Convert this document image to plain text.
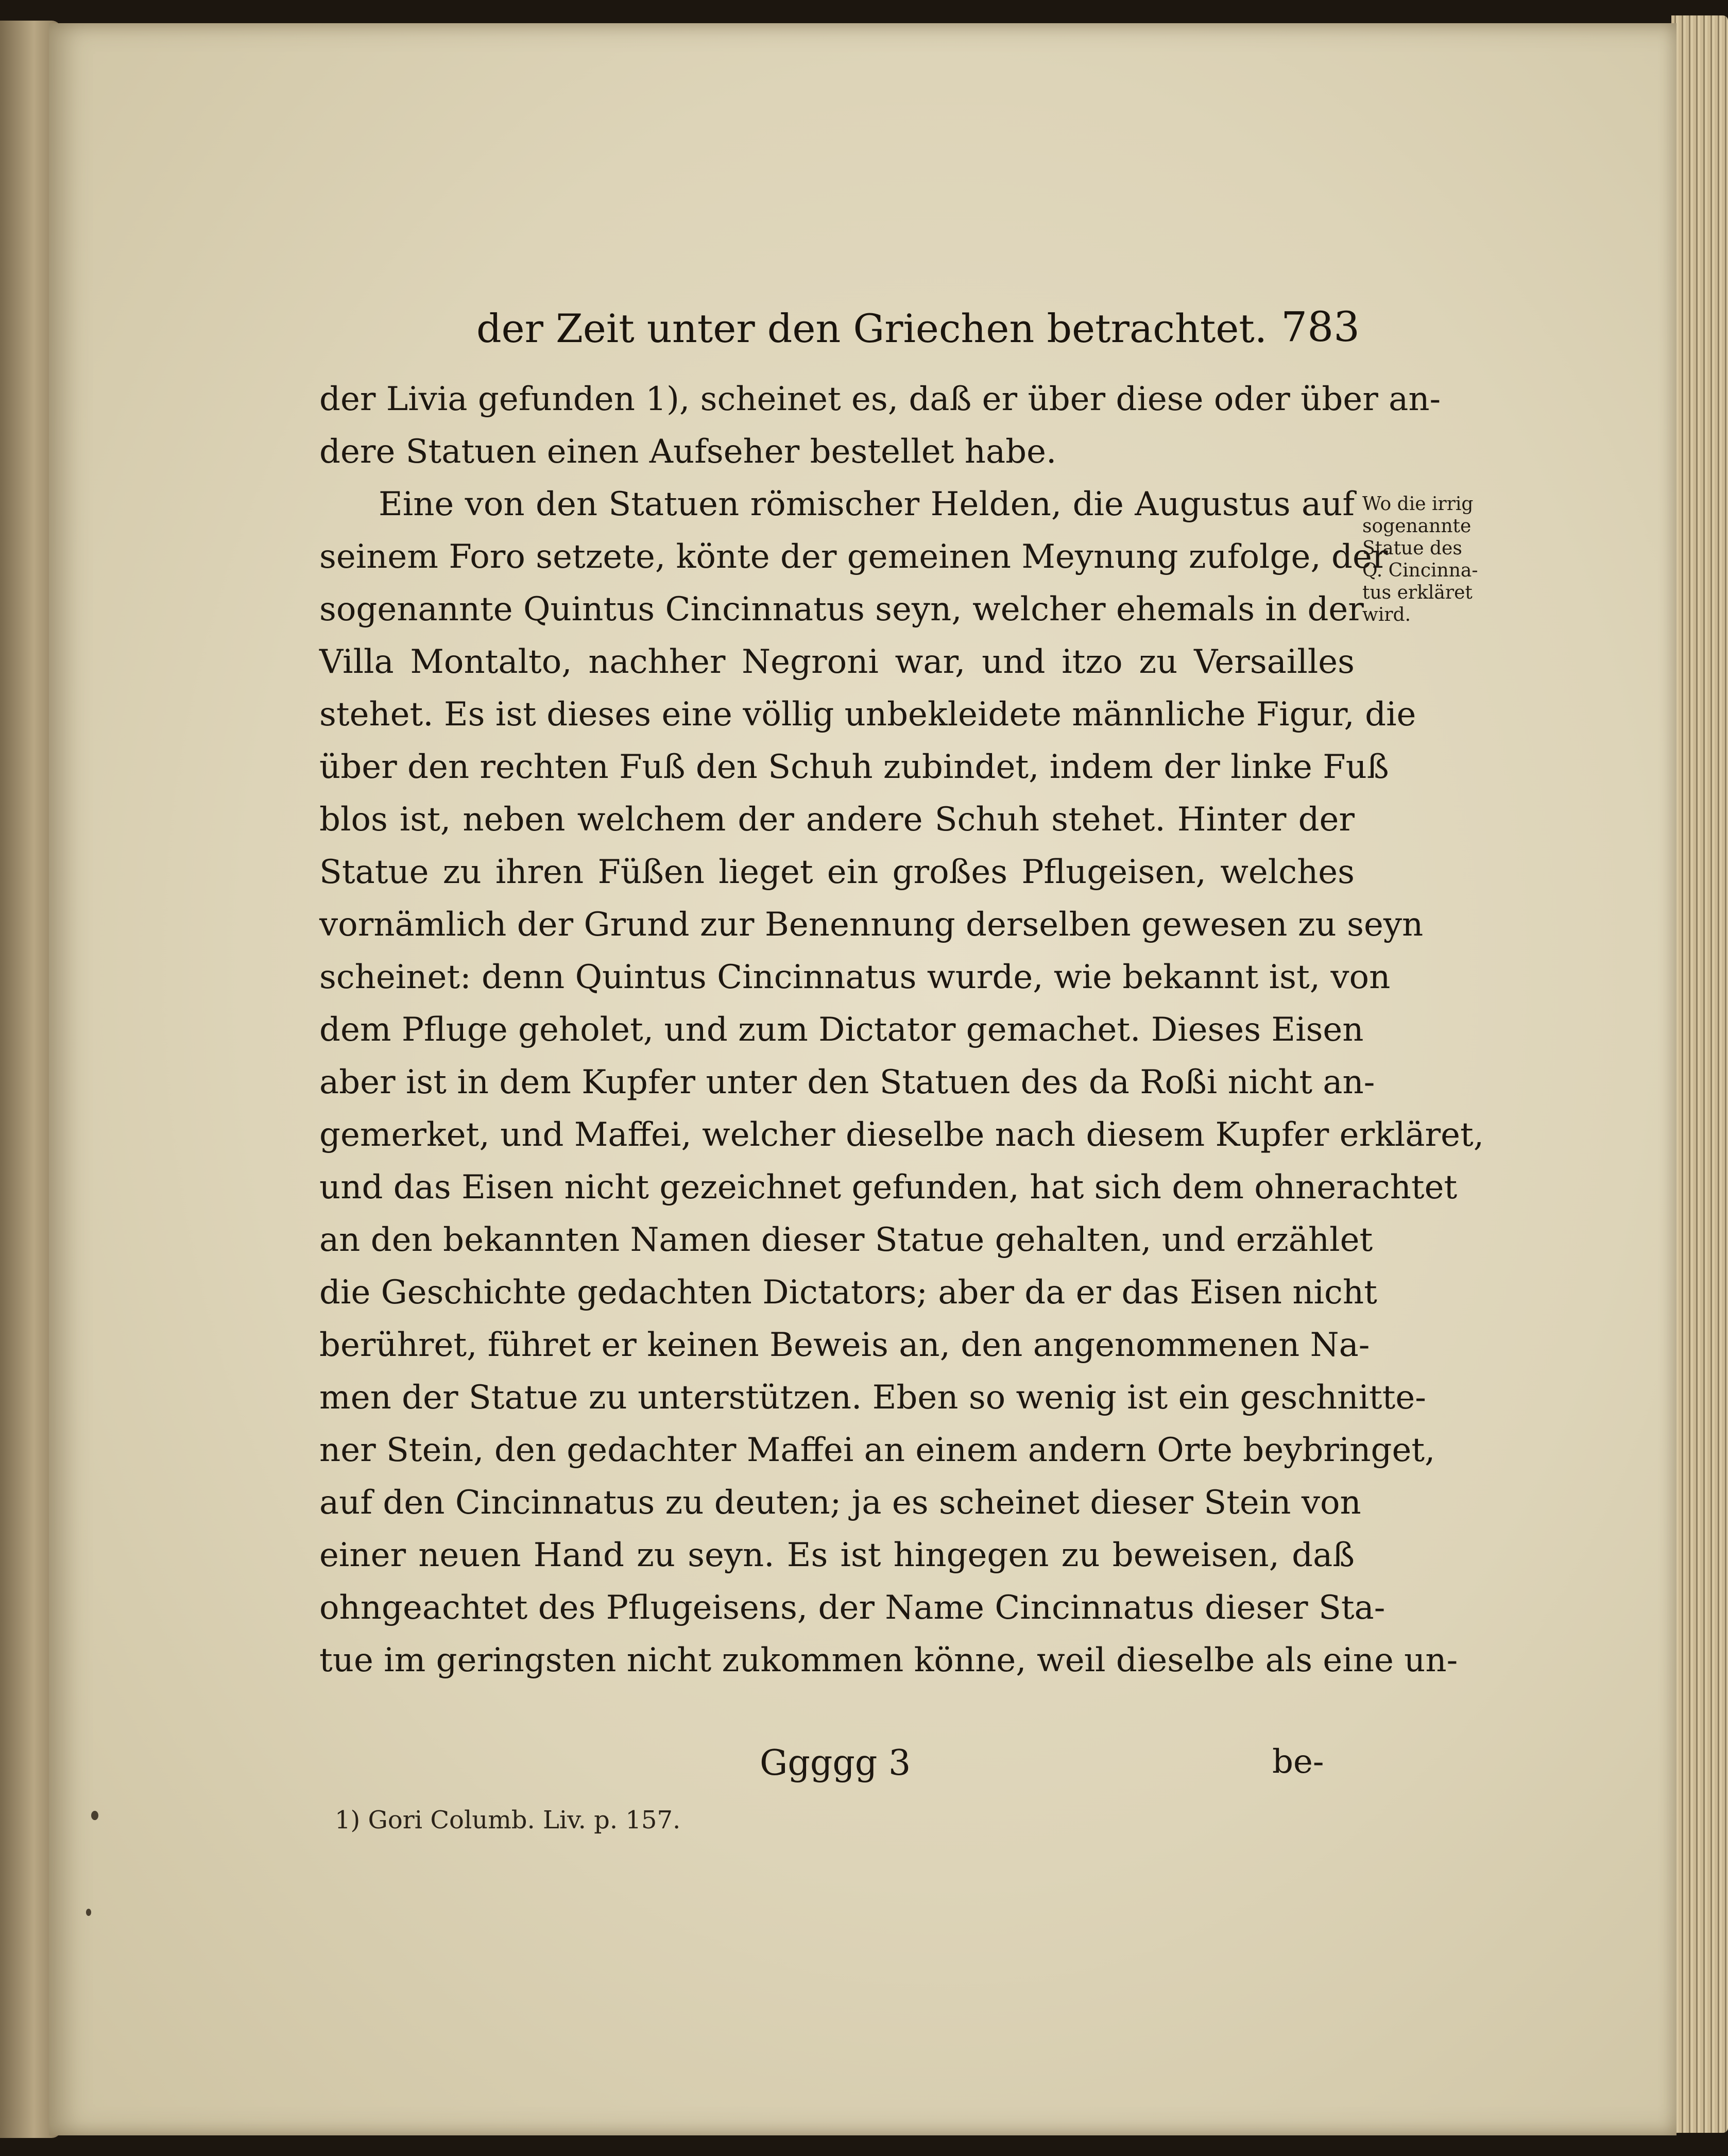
der Zeit unter den Griechen betrachtet. 783
Wo die irrig
sogenannte
Statue des
Q. Cincinna-
tus erkläret
wird.
der Livia gefunden 1), scheinet es, daß er über diese oder über an-
dere Statuen einen Aufseher bestellet habe.
Eine von den Statuen römischer Helden, die Augustus auf
seinem Foro setzete, könte der gemeinen Meynung zufolge, der
sogenannte Quintus Cincinnatus seyn, welcher ehemals in der
Villa Montalto, nachher Negroni war, und itzo zu Versailles
stehet. Es ist dieses eine völlig unbekleidete männliche Figur, die
über den rechten Fuß den Schuh zubindet, indem der linke Fuß
blos ist, neben welchem der andere Schuh stehet. Hinter der
Statue zu ihren Füßen lieget ein großes Pflugeisen, welches
vornämlich der Grund zur Benennung derselben gewesen zu seyn
scheinet: denn Quintus Cincinnatus wurde, wie bekannt ist, von
dem Pfluge geholet, und zum Dictator gemachet. Dieses Eisen
aber ist in dem Kupfer unter den Statuen des da Roßi nicht an-
gemerket, und Maffei, welcher dieselbe nach diesem Kupfer erkläret,
und das Eisen nicht gezeichnet gefunden, hat sich dem ohnerachtet
an den bekannten Namen dieser Statue gehalten, und erzählet
die Geschichte gedachten Dictators; aber da er das Eisen nicht
berühret, führet er keinen Beweis an, den angenommenen Na-
men der Statue zu unterstützen. Eben so wenig ist ein geschnitte-
ner Stein, den gedachter Maffei an einem andern Orte beybringet,
auf den Cincinnatus zu deuten; ja es scheinet dieser Stein von
einer neuen Hand zu seyn. Es ist hingegen zu beweisen, daß
ohngeachtet des Pflugeisens, der Name Cincinnatus dieser Sta-
tue im geringsten nicht zukommen könne, weil dieselbe als eine un-
Ggggg 3	be-
1) Gori Columb. Liv. p. 157.
